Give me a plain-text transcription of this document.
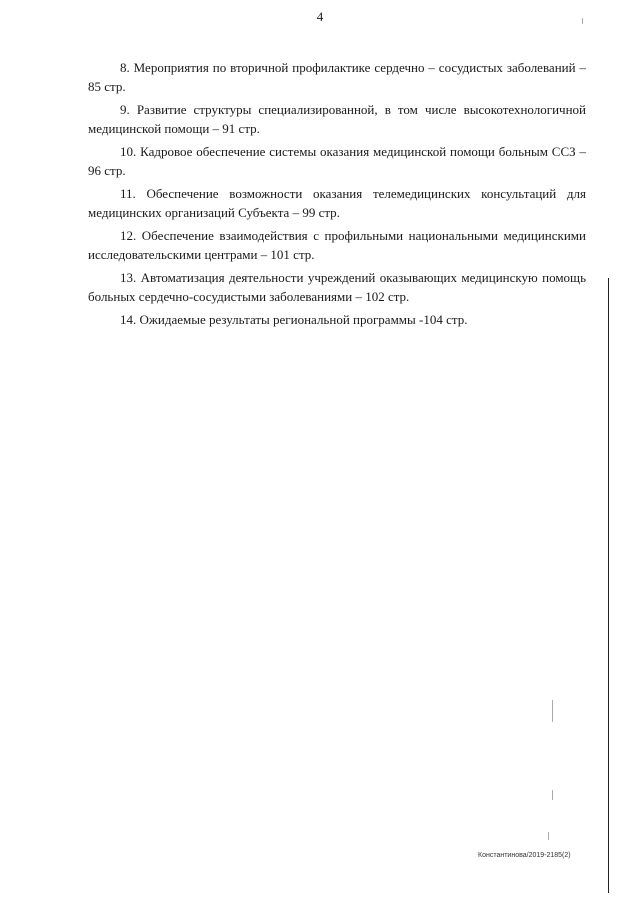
4

8. Мероприятия по вторичной профилактике сердечно – сосудистых заболеваний – 85 стр.

9. Развитие структуры специализированной, в том числе высокотехнологичной медицинской помощи – 91 стр.

10. Кадровое обеспечение системы оказания медицинской помощи больным ССЗ – 96 стр.

11. Обеспечение возможности оказания телемедицинских консультаций для медицинских организаций Субъекта – 99 стр.

12. Обеспечение взаимодействия с профильными национальными медицинскими исследовательскими центрами – 101 стр.

13. Автоматизация деятельности учреждений оказывающих медицинскую помощь больных сердечно-сосудистыми заболеваниями – 102 стр.

14. Ожидаемые результаты региональной программы -104 стр.

Константинова/2019-2185(2)
